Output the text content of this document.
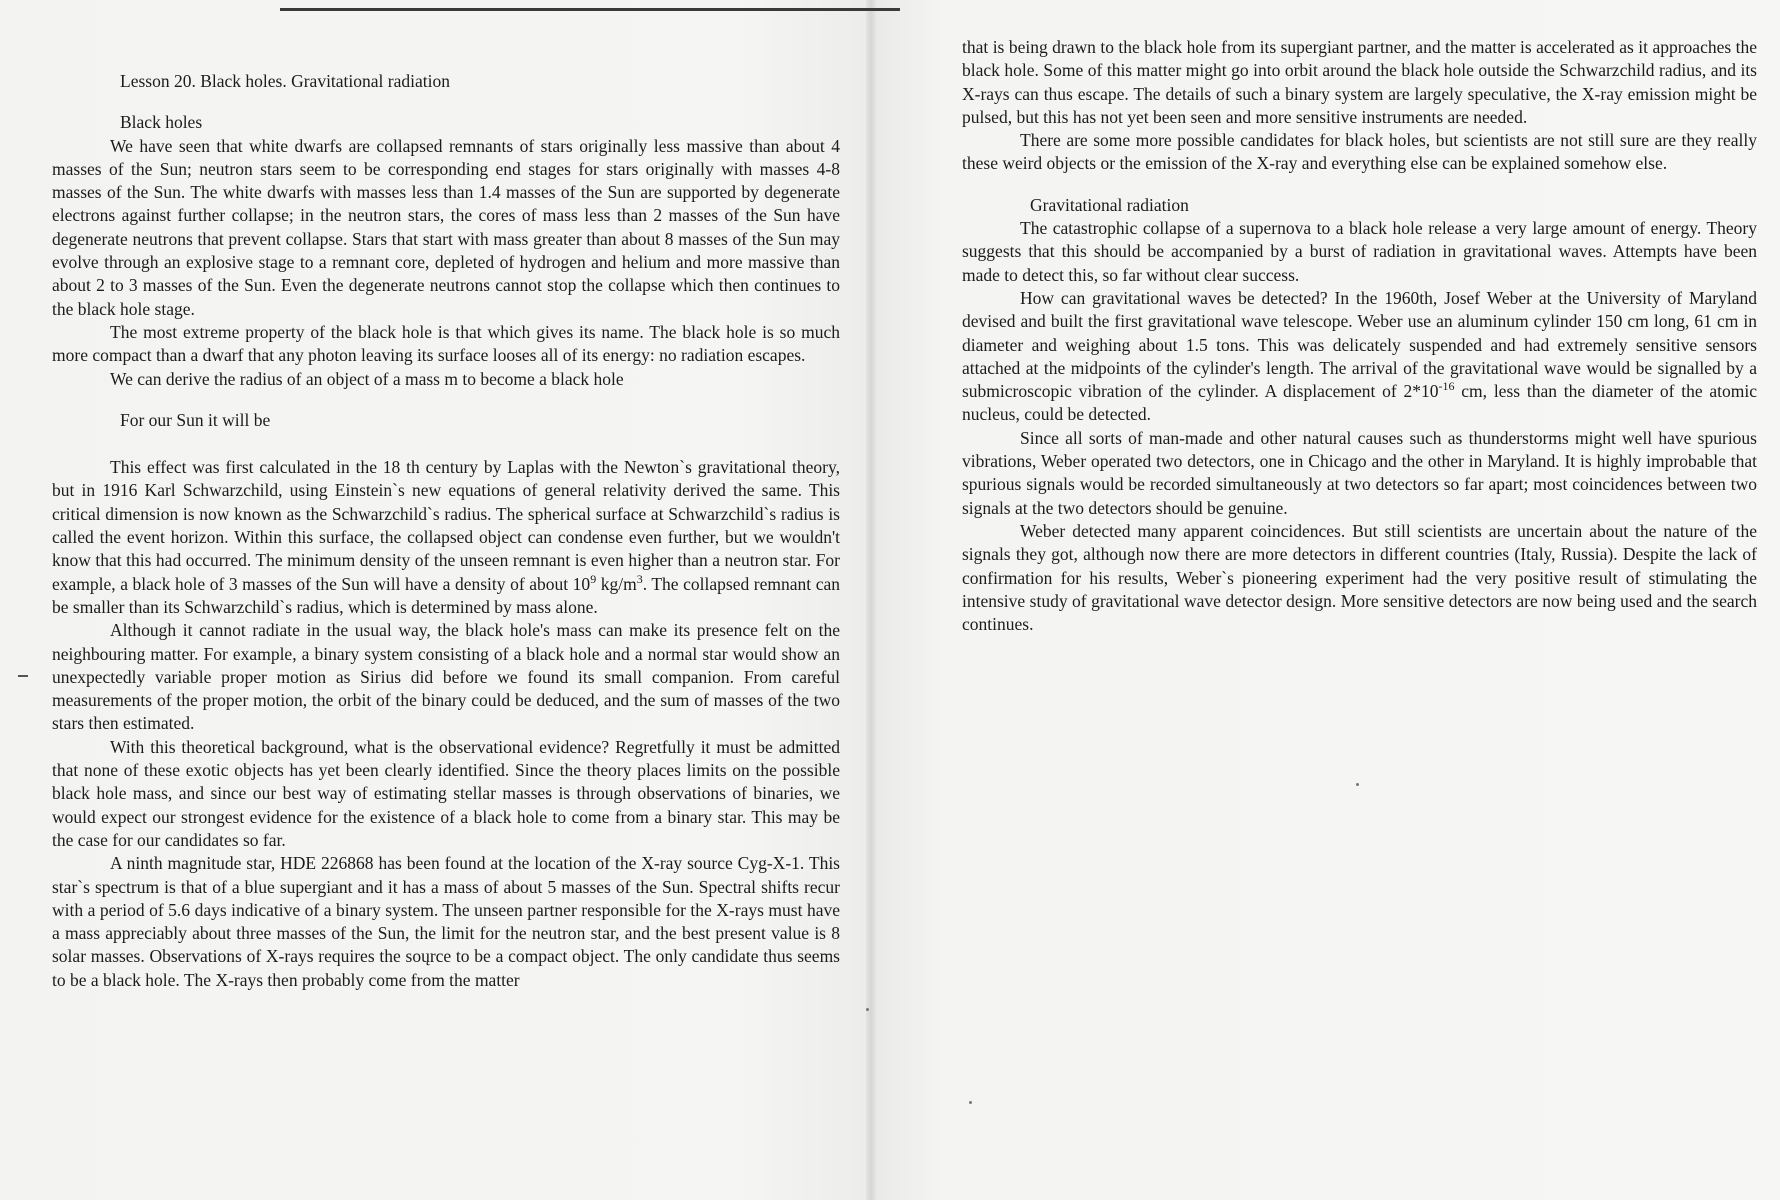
Lesson 20. Black holes. Gravitational radiation

Black holes

We have seen that white dwarfs are collapsed remnants of stars originally less massive than about 4 masses of the Sun; neutron stars seem to be corresponding end stages for stars originally with masses 4-8 masses of the Sun. The white dwarfs with masses less than 1.4 masses of the Sun are supported by degenerate electrons against further collapse; in the neutron stars, the cores of mass less than 2 masses of the Sun have degenerate neutrons that prevent collapse. Stars that start with mass greater than about 8 masses of the Sun may evolve through an explosive stage to a remnant core, depleted of hydrogen and helium and more massive than about 2 to 3 masses of the Sun. Even the degenerate neutrons cannot stop the collapse which then continues to the black hole stage.

The most extreme property of the black hole is that which gives its name. The black hole is so much more compact than a dwarf that any photon leaving its surface looses all of its energy: no radiation escapes.

We can derive the radius of an object of a mass m to become a black hole

For our Sun it will be

This effect was first calculated in the 18 th century by Laplas with the Newton`s gravitational theory, but in 1916 Karl Schwarzchild, using Einstein`s new equations of general relativity derived the same. This critical dimension is now known as the Schwarzchild`s radius. The spherical surface at Schwarzchild`s radius is called the event horizon. Within this surface, the collapsed object can condense even further, but we wouldn't know that this had occurred. The minimum density of the unseen remnant is even higher than a neutron star. For example, a black hole of 3 masses of the Sun will have a density of about $10^9$ $kg/m^3$. The collapsed remnant can be smaller than its Schwarzchild`s radius, which is determined by mass alone.

Although it cannot radiate in the usual way, the black hole's mass can make its presence felt on the neighbouring matter. For example, a binary system consisting of a black hole and a normal star would show an unexpectedly variable proper motion as Sirius did before we found its small companion. From careful measurements of the proper motion, the orbit of the binary could be deduced, and the sum of masses of the two stars then estimated.

With this theoretical background, what is the observational evidence? Regretfully it must be admitted that none of these exotic objects has yet been clearly identified. Since the theory places limits on the possible black hole mass, and since our best way of estimating stellar masses is through observations of binaries, we would expect our strongest evidence for the existence of a black hole to come from a binary star. This may be the case for our candidates so far.

A ninth magnitude star, HDE 226868 has been found at the location of the X-ray source Cyg-X-1. This star`s spectrum is that of a blue supergiant and it has a mass of about 5 masses of the Sun. Spectral shifts recur with a period of 5.6 days indicative of a binary system. The unseen partner responsible for the X-rays must have a mass appreciably about three masses of the Sun, the limit for the neutron star, and the best present value is 8 solar masses. Observations of X-rays requires the soųrce to be a compact object. The only candidate thus seems to be a black hole. The X-rays then probably come from the matter

that is being drawn to the black hole from its supergiant partner, and the matter is accelerated as it approaches the black hole. Some of this matter might go into orbit around the black hole outside the Schwarzchild radius, and its X-rays can thus escape. The details of such a binary system are largely speculative, the X-ray emission might be pulsed, but this has not yet been seen and more sensitive instruments are needed.

There are some more possible candidates for black holes, but scientists are not still sure are they really these weird objects or the emission of the X-ray and everything else can be explained somehow else.

Gravitational radiation

The catastrophic collapse of a supernova to a black hole release a very large amount of energy. Theory suggests that this should be accompanied by a burst of radiation in gravitational waves. Attempts have been made to detect this, so far without clear success.

How can gravitational waves be detected? In the 1960th, Josef Weber at the University of Maryland devised and built the first gravitational wave telescope. Weber use an aluminum cylinder 150 cm long, 61 cm in diameter and weighing about 1.5 tons. This was delicately suspended and had extremely sensitive sensors attached at the midpoints of the cylinder's length. The arrival of the gravitational wave would be signalled by a submicroscopic vibration of the cylinder. A displacement of $2*10^{-16}$ cm, less than the diameter of the atomic nucleus, could be detected.

Since all sorts of man-made and other natural causes such as thunderstorms might well have spurious vibrations, Weber operated two detectors, one in Chicago and the other in Maryland. It is highly improbable that spurious signals would be recorded simultaneously at two detectors so far apart; most coincidences between two signals at the two detectors should be genuine.

Weber detected many apparent coincidences. But still scientists are uncertain about the nature of the signals they got, although now there are more detectors in different countries (Italy, Russia). Despite the lack of confirmation for his results, Weber`s pioneering experiment had the very positive result of stimulating the intensive study of gravitational wave detector design. More sensitive detectors are now being used and the search continues.
